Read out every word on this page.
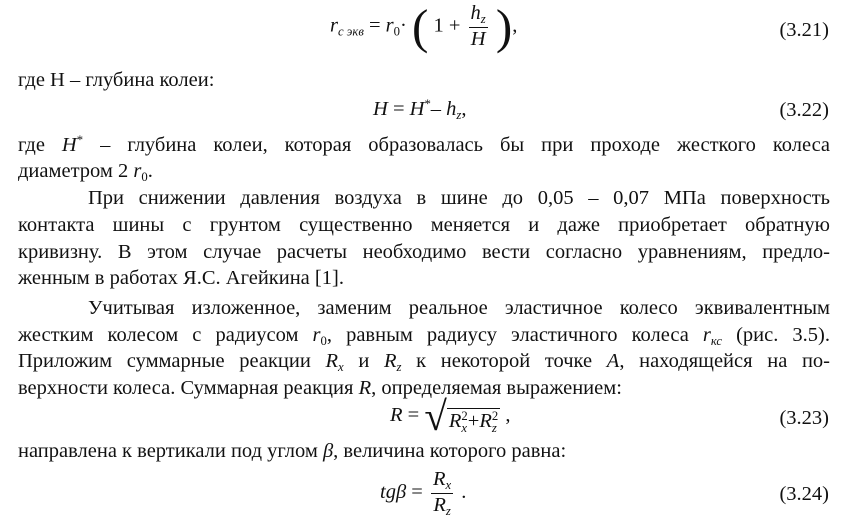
$r_{с экв} = r_0\cdot$ ( $1 + \frac{h_z}{H}$ ),	(3.21)
где Н – глубина колеи:
H = H*– $h_z$,	(3.22)
где H* – глубина колеи, которая образовалась бы при проходе жесткого колеса
диаметром 2 $r_0$.
При снижении давления воздуха в шине до 0,05 – 0,07 МПа поверхность
контакта шины с грунтом существенно меняется и даже приобретает обратную
кривизну. В этом случае расчеты необходимо вести согласно уравнениям, предло-
женным в работах Я.С. Агейкина [1].
Учитывая изложенное, заменим реальное эластичное колесо эквивалентным
жестким колесом с радиусом $r_0$, равным радиусу эластичного колеса $r_{кс}$ (рис. 3.5).
Приложим суммарные реакции $R_x$ и $R_z$ к некоторой точке А, находящейся на по-
верхности колеса. Суммарная реакция R, определяемая выражением:
R = √R 2
x +R 2
z
,	(3.23)
направлена к вертикали под углом β, величина которого равна:
$tg\beta = \frac{R_x}{R_z}$ .	(3.24)
